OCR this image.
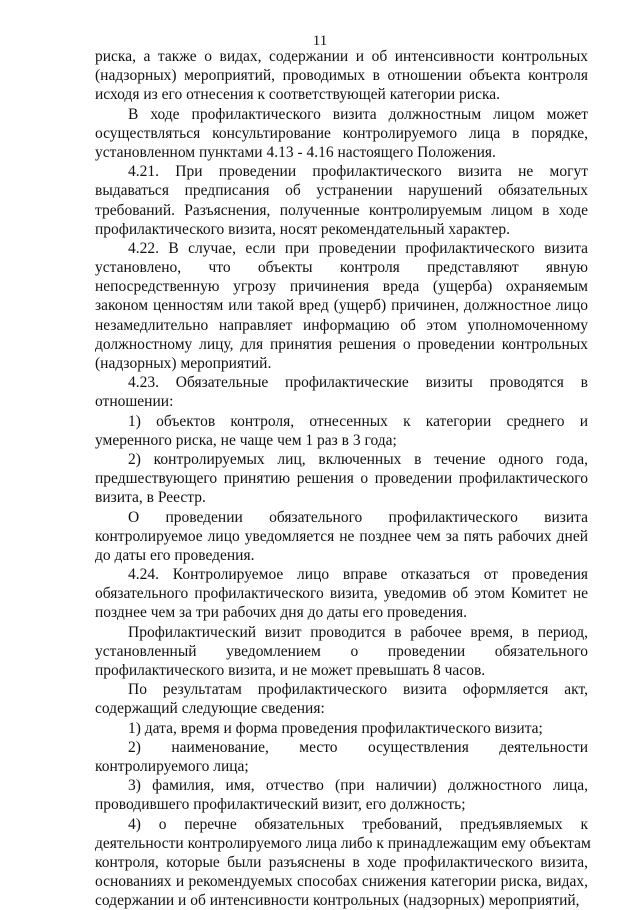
11
риска, а также о видах, содержании и об интенсивности контрольных
(надзорных) мероприятий, проводимых в отношении объекта контроля
исходя из его отнесения к соответствующей категории риска.
В ходе профилактического визита должностным лицом может
осуществляться консультирование контролируемого лица в порядке,
установленном пунктами 4.13 - 4.16 настоящего Положения.
4.21. При проведении профилактического визита не могут
выдаваться предписания об устранении нарушений обязательных
требований. Разъяснения, полученные контролируемым лицом в ходе
профилактического визита, носят рекомендательный характер.
4.22. В случае, если при проведении профилактического визита
установлено, что объекты контроля представляют явную
непосредственную угрозу причинения вреда (ущерба) охраняемым
законом ценностям или такой вред (ущерб) причинен, должностное лицо
незамедлительно направляет информацию об этом уполномоченному
должностному лицу, для принятия решения о проведении контрольных
(надзорных) мероприятий.
4.23. Обязательные профилактические визиты проводятся в
отношении:
1) объектов контроля, отнесенных к категории среднего и
умеренного риска, не чаще чем 1 раз в 3 года;
2) контролируемых лиц, включенных в течение одного года,
предшествующего принятию решения о проведении профилактического
визита, в Реестр.
О проведении обязательного профилактического визита
контролируемое лицо уведомляется не позднее чем за пять рабочих дней
до даты его проведения.
4.24. Контролируемое лицо вправе отказаться от проведения
обязательного профилактического визита, уведомив об этом Комитет не
позднее чем за три рабочих дня до даты его проведения.
Профилактический визит проводится в рабочее время, в период,
установленный уведомлением о проведении обязательного
профилактического визита, и не может превышать 8 часов.
По результатам профилактического визита оформляется акт,
содержащий следующие сведения:
1) дата, время и форма проведения профилактического визита;
2) наименование, место осуществления деятельности
контролируемого лица;
3) фамилия, имя, отчество (при наличии) должностного лица,
проводившего профилактический визит, его должность;
4) о перечне обязательных требований, предъявляемых к
деятельности контролируемого лица либо к принадлежащим ему объектам
контроля, которые были разъяснены в ходе профилактического визита,
основаниях и рекомендуемых способах снижения категории риска, видах,
содержании и об интенсивности контрольных (надзорных) мероприятий,
